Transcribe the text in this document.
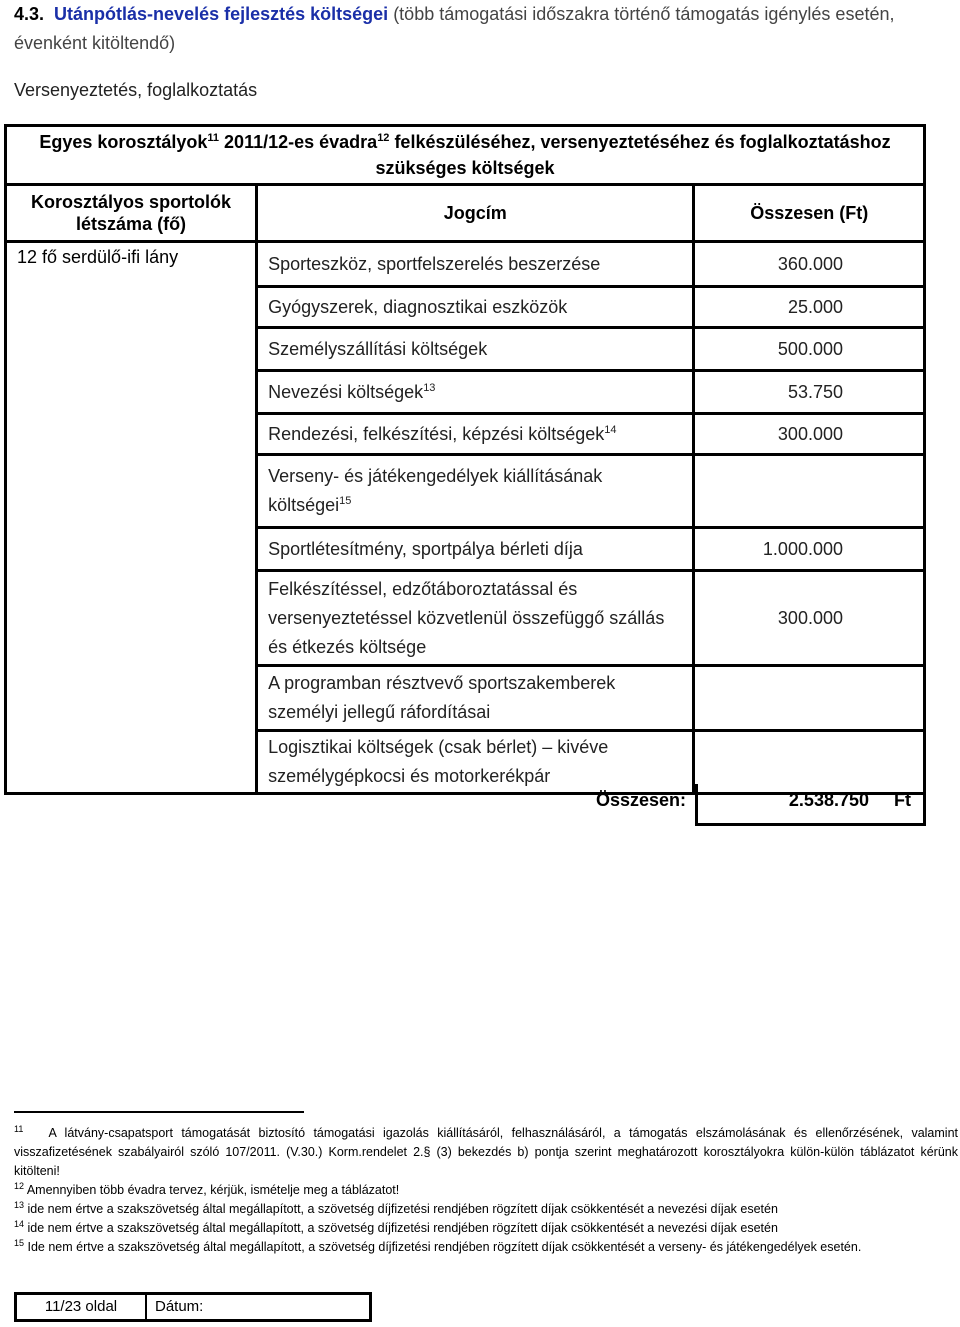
4.3. Utánpótlás-nevelés fejlesztés költségei (több támogatási időszakra történő támogatás igénylés esetén,
évenként kitöltendő)
Versenyeztetés, foglalkoztatás
Egyes korosztályok$^{11}$ 2011/12-es évadra$^{12}$ felkészüléséhez, versenyeztetéséhez és foglalkoztatáshoz
szükséges költségek		
Korosztályos sportolók
létszáma (fő)	Jogcím	Összesen (Ft)
12 fő serdülő-ifi lány	Sporteszköz, sportfelszerelés beszerzése	360.000
	Gyógyszerek, diagnosztikai eszközök	25.000
	Személyszállítási költségek	500.000
	Nevezési költségek$^{13}$	53.750
	Rendezési, felkészítési, képzési költségek$^{14}$	300.000
	Verseny- és játékengedélyek kiállításának
költségei$^{15}$	
	Sportlétesítmény, sportpálya bérleti díja	1.000.000
	Felkészítéssel, edzőtáboroztatással és
versenyeztetéssel közvetlenül összefüggő szállás
és étkezés költsége	300.000
	A programban résztvevő sportszakemberek
személyi jellegű ráfordításai	
	Logisztikai költségek (csak bérlet) – kivéve
személygépkocsi és motorkerékpár	
Összesen:	2.538.750 Ft

$^{11}$ A látvány-csapatsport támogatását biztosító támogatási igazolás kiállításáról, felhasználásáról, a támogatás elszámolásának és ellenőrzésének, valamint visszafizetésének szabályairól szóló 107/2011. (V.30.) Korm.rendelet 2.§ (3) bekezdés b) pontja szerint meghatározott korosztályokra külön-külön táblázatot kérünk kitölteni!

$^{12}$ Amennyiben több évadra tervez, kérjük, ismételje meg a táblázatot!

$^{13}$ ide nem értve a szakszövetség által megállapított, a szövetség díjfizetési rendjében rögzített díjak csökkentését a nevezési díjak esetén

$^{14}$ ide nem értve a szakszövetség által megállapított, a szövetség díjfizetési rendjében rögzített díjak csökkentését a nevezési díjak esetén

$^{15}$ Ide nem értve a szakszövetség által megállapított, a szövetség díjfizetési rendjében rögzített díjak csökkentését a verseny- és játékengedélyek esetén.

11/23 oldal	Dátum:
